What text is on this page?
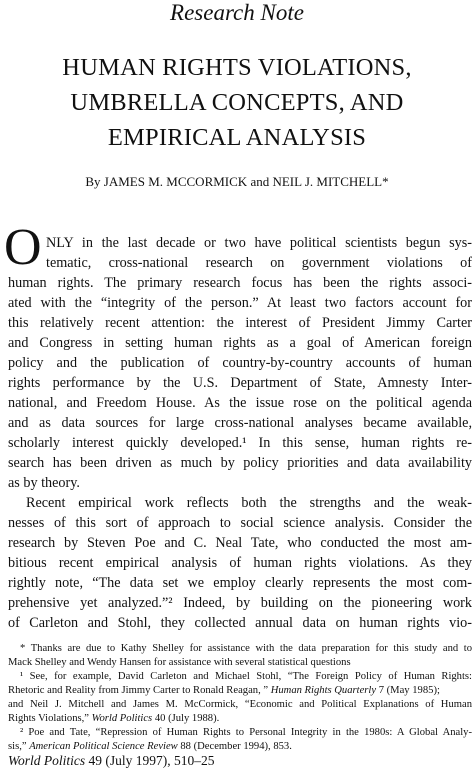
Research Note
HUMAN RIGHTS VIOLATIONS,
UMBRELLA CONCEPTS, AND
EMPIRICAL ANALYSIS
By JAMES M. MCCORMICK and NEIL J. MITCHELL*
O NLY in the last decade or two have political scientists begun sys-
tematic, cross-national research on government violations of
human rights. The primary research focus has been the rights associ-
ated with the “integrity of the person.” At least two factors account for
this relatively recent attention: the interest of President Jimmy Carter
and Congress in setting human rights as a goal of American foreign
policy and the publication of country-by-country accounts of human
rights performance by the U.S. Department of State, Amnesty Inter-
national, and Freedom House. As the issue rose on the political agenda
and as data sources for large cross-national analyses became available,
scholarly interest quickly developed.¹ In this sense, human rights re-
search has been driven as much by policy priorities and data availability
as by theory.
Recent empirical work reflects both the strengths and the weak-
nesses of this sort of approach to social science analysis. Consider the
research by Steven Poe and C. Neal Tate, who conducted the most am-
bitious recent empirical analysis of human rights violations. As they
rightly note, “The data set we employ clearly represents the most com-
prehensive yet analyzed.”² Indeed, by building on the pioneering work
of Carleton and Stohl, they collected annual data on human rights vio-
* Thanks are due to Kathy Shelley for assistance with the data preparation for this study and to
Mack Shelley and Wendy Hansen for assistance with several statistical questions
¹ See, for example, David Carleton and Michael Stohl, “The Foreign Policy of Human Rights:
Rhetoric and Reality from Jimmy Carter to Ronald Reagan, ” Human Rights Quarterly 7 (May 1985);
and Neil J. Mitchell and James M. McCormick, “Economic and Political Explanations of Human
Rights Violations,” World Politics 40 (July 1988).
² Poe and Tate, “Repression of Human Rights to Personal Integrity in the 1980s: A Global Analy-
sis,” American Political Science Review 88 (December 1994), 853.
World Politics 49 (July 1997), 510–25
